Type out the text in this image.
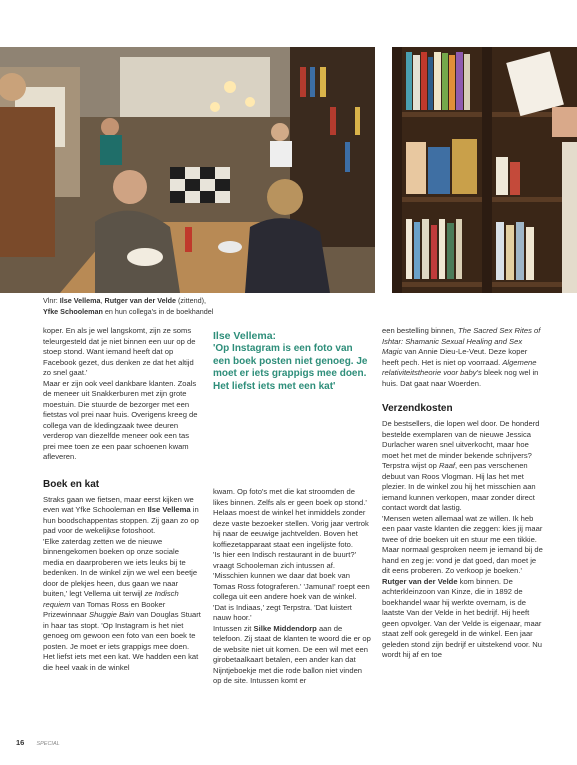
Vlnr: Ilse Vellema, Rutger van der Velde (zittend),
Yfke Schooleman en hun collega's in de boekhandel

koper. En als je wel langskomt, zijn ze soms teleurgesteld dat je niet binnen een uur op de stoep stond. Want iemand heeft dat op Facebook gezet, dus denken ze dat het altijd zo snel gaat.'

Maar er zijn ook veel dankbare klanten. Zoals de meneer uit Snakkerburen met zijn grote moestuin. Die stuurde de bezorger met een fietstas vol prei naar huis. Overigens kreeg de collega van de kledingzaak twee deuren verderop van diezelfde meneer ook een tas prei mee toen ze een paar schoenen kwam afleveren.

Boek en kat

Straks gaan we fietsen, maar eerst kijken we even wat Yfke Schooleman en Ilse Vellema in hun boodschappentas stoppen. Zij gaan zo op pad voor de wekelijkse fotoshoot.

'Elke zaterdag zetten we de nieuwe binnengekomen boeken op onze sociale media en daarproberen we iets leuks bij te bedenken. In de winkel zijn we wel een beetje door de plekjes heen, dus gaan we naar buiten,' legt Vellema uit terwijl ze Indisch requiem van Tomas Ross en Booker Prizewinnaar Shuggie Bain van Douglas Stuart in haar tas stopt. 'Op Instagram is het niet genoeg om gewoon een foto van een boek te posten. Je moet er iets grappigs mee doen. Het liefst iets met een kat. We hadden een kat die heel vaak in de winkel

Ilse Vellema:

'Op Instagram is een foto van een boek posten niet genoeg. Je moet er iets grappigs mee doen. Het liefst iets met een kat'

kwam. Op foto's met die kat stroomden de likes binnen. Zelfs als er geen boek op stond.' Helaas moest de winkel het inmiddels zonder deze vaste bezoeker stellen. Vorig jaar vertrok hij naar de eeuwige jachtvelden. Boven het koffiezetapparaat staat een ingelijste foto.

'Is hier een Indisch restaurant in de buurt?' vraagt Schooleman zich intussen af. 'Misschien kunnen we daar dat boek van Tomas Ross fotograferen.' 'Jamuna!' roept een collega uit een andere hoek van de winkel. 'Dat is Indiaas,' zegt Terpstra. 'Dat luistert nauw hoor.'

Intussen zit Silke Middendorp aan de telefoon. Zij staat de klanten te woord die er op de website niet uit komen. De een wil met een girobetaalkaart betalen, een ander kan dat Nijntjeboekje met die rode ballon niet vinden op de site. Intussen komt er

een bestelling binnen, The Sacred Sex Rites of Ishtar: Shamanic Sexual Healing and Sex Magic van Annie Dieu-Le-Veut. Deze koper heeft pech. Het is niet op voorraad. Algemene relativiteitstheorie voor baby's bleek nog wel in huis. Dat gaat naar Woerden.

Verzendkosten

De bestsellers, die lopen wel door. De honderd bestelde exemplaren van de nieuwe Jessica Durlacher waren snel uitverkocht, maar hoe moet het met de minder bekende schrijvers? Terpstra wijst op Raaf, een pas verschenen debuut van Roos Vlogman. Hij las het met plezier. In de winkel zou hij het misschien aan iemand kunnen verkopen, maar zonder direct contact wordt dat lastig.

'Mensen weten allemaal wat ze willen. Ik heb een paar vaste klanten die zeggen: kies jij maar twee of drie boeken uit en stuur me een tikkie. Maar normaal gesproken neem je iemand bij de hand en zeg je: vond je dat goed, dan moet je dit eens proberen. Zo verkoop je boeken.'

Rutger van der Velde kom binnen. De achterkleinzoon van Kinze, die in 1892 de boekhandel waar hij werkte overnam, is de laatste Van der Velde in het bedrijf. Hij heeft geen opvolger. Van der Velde is eigenaar, maar staat zelf ook geregeld in de winkel. Een jaar geleden stond zijn bedrijf er uitstekend voor. Nu wordt hij af en toe

16 SPECIAL
